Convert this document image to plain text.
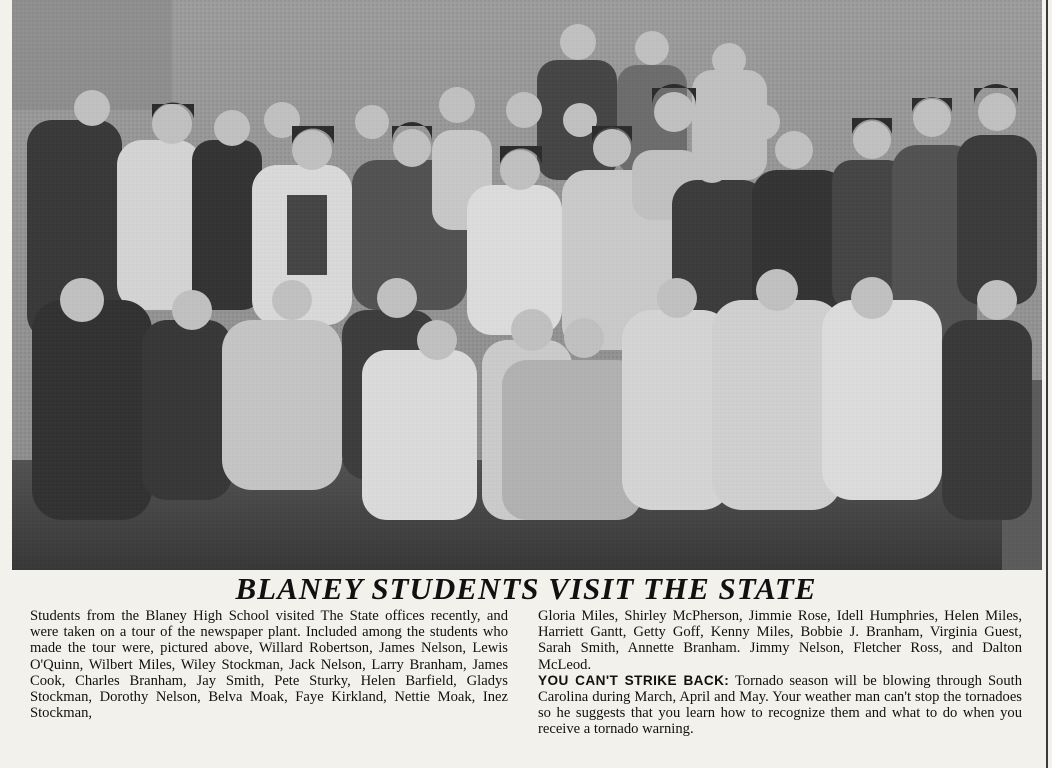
BLANEY STUDENTS VISIT THE STATE

Students from the Blaney High School visited The State offices recently, and were taken on a tour of the newspaper plant. Included among the students who made the tour were, pictured above, Willard Robertson, James Nelson, Lewis O'Quinn, Wilbert Miles, Wiley Stockman, Jack Nelson, Larry Branham, James Cook, Charles Branham, Jay Smith, Pete Sturky, Helen Barfield, Gladys Stockman, Dorothy Nelson, Belva Moak, Faye Kirkland, Nettie Moak, Inez Stockman,

Gloria Miles, Shirley McPherson, Jimmie Rose, Idell Humphries, Helen Miles, Harriett Gantt, Getty Goff, Kenny Miles, Bobbie J. Branham, Virginia Guest, Sarah Smith, Annette Branham. Jimmy Nelson, Fletcher Ross, and Dalton McLeod.

YOU CAN'T STRIKE BACK: Tornado season will be blowing through South Carolina during March, April and May. Your weather man can't stop the tornadoes so he suggests that you learn how to recognize them and what to do when you receive a tornado warning.
